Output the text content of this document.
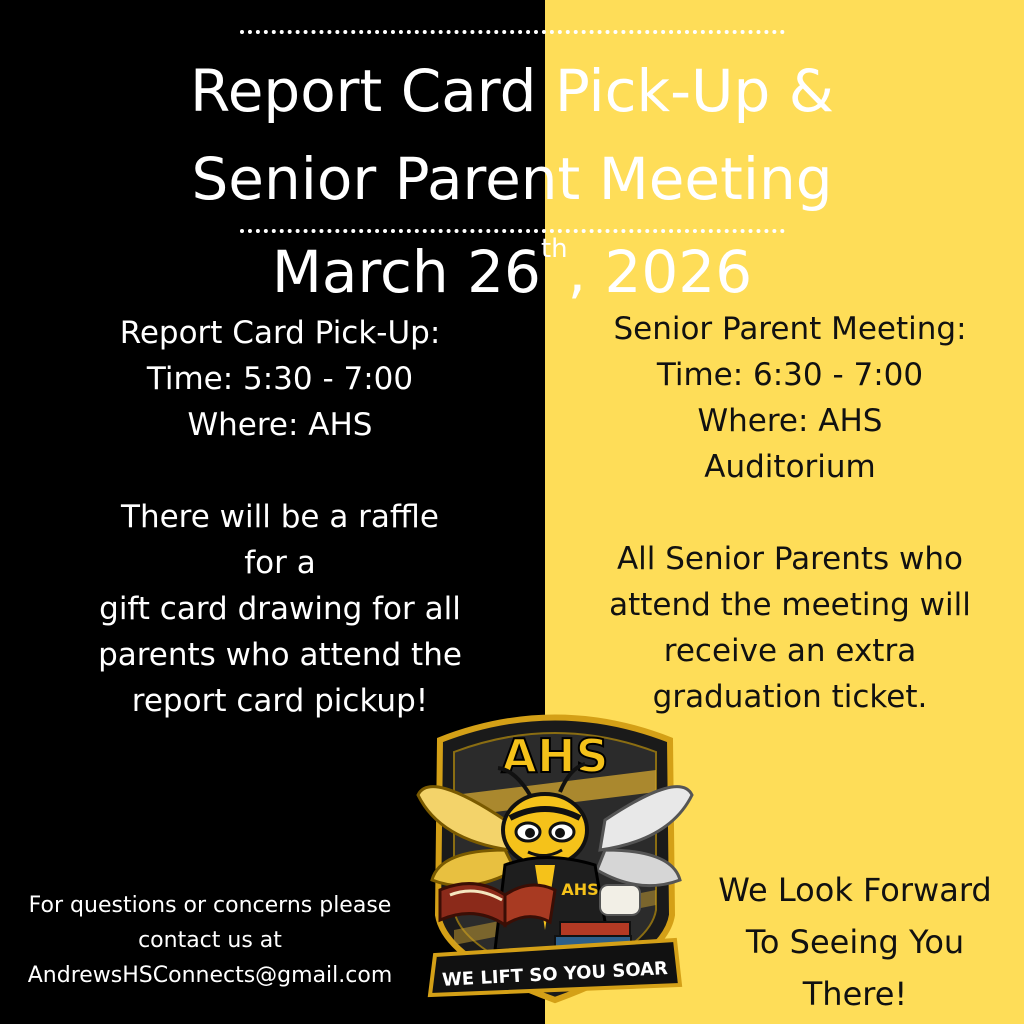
Report Card Pick-Up &
Senior Parent Meeting
March 26th, 2026

Report Card Pick-Up:

Time: 5:30 - 7:00

Where: AHS

There will be a raffle

for a

gift card drawing for all

parents who attend the

report card pickup!

Senior Parent Meeting:

Time: 6:30 - 7:00

Where: AHS

Auditorium

All Senior Parents who

attend the meeting will

receive an extra

graduation ticket.

For questions or concerns please
contact us at
AndrewsHSConnects@gmail.com
We Look Forward
To Seeing You
There!
AHS
AHS
WE LIFT SO YOU SOAR
